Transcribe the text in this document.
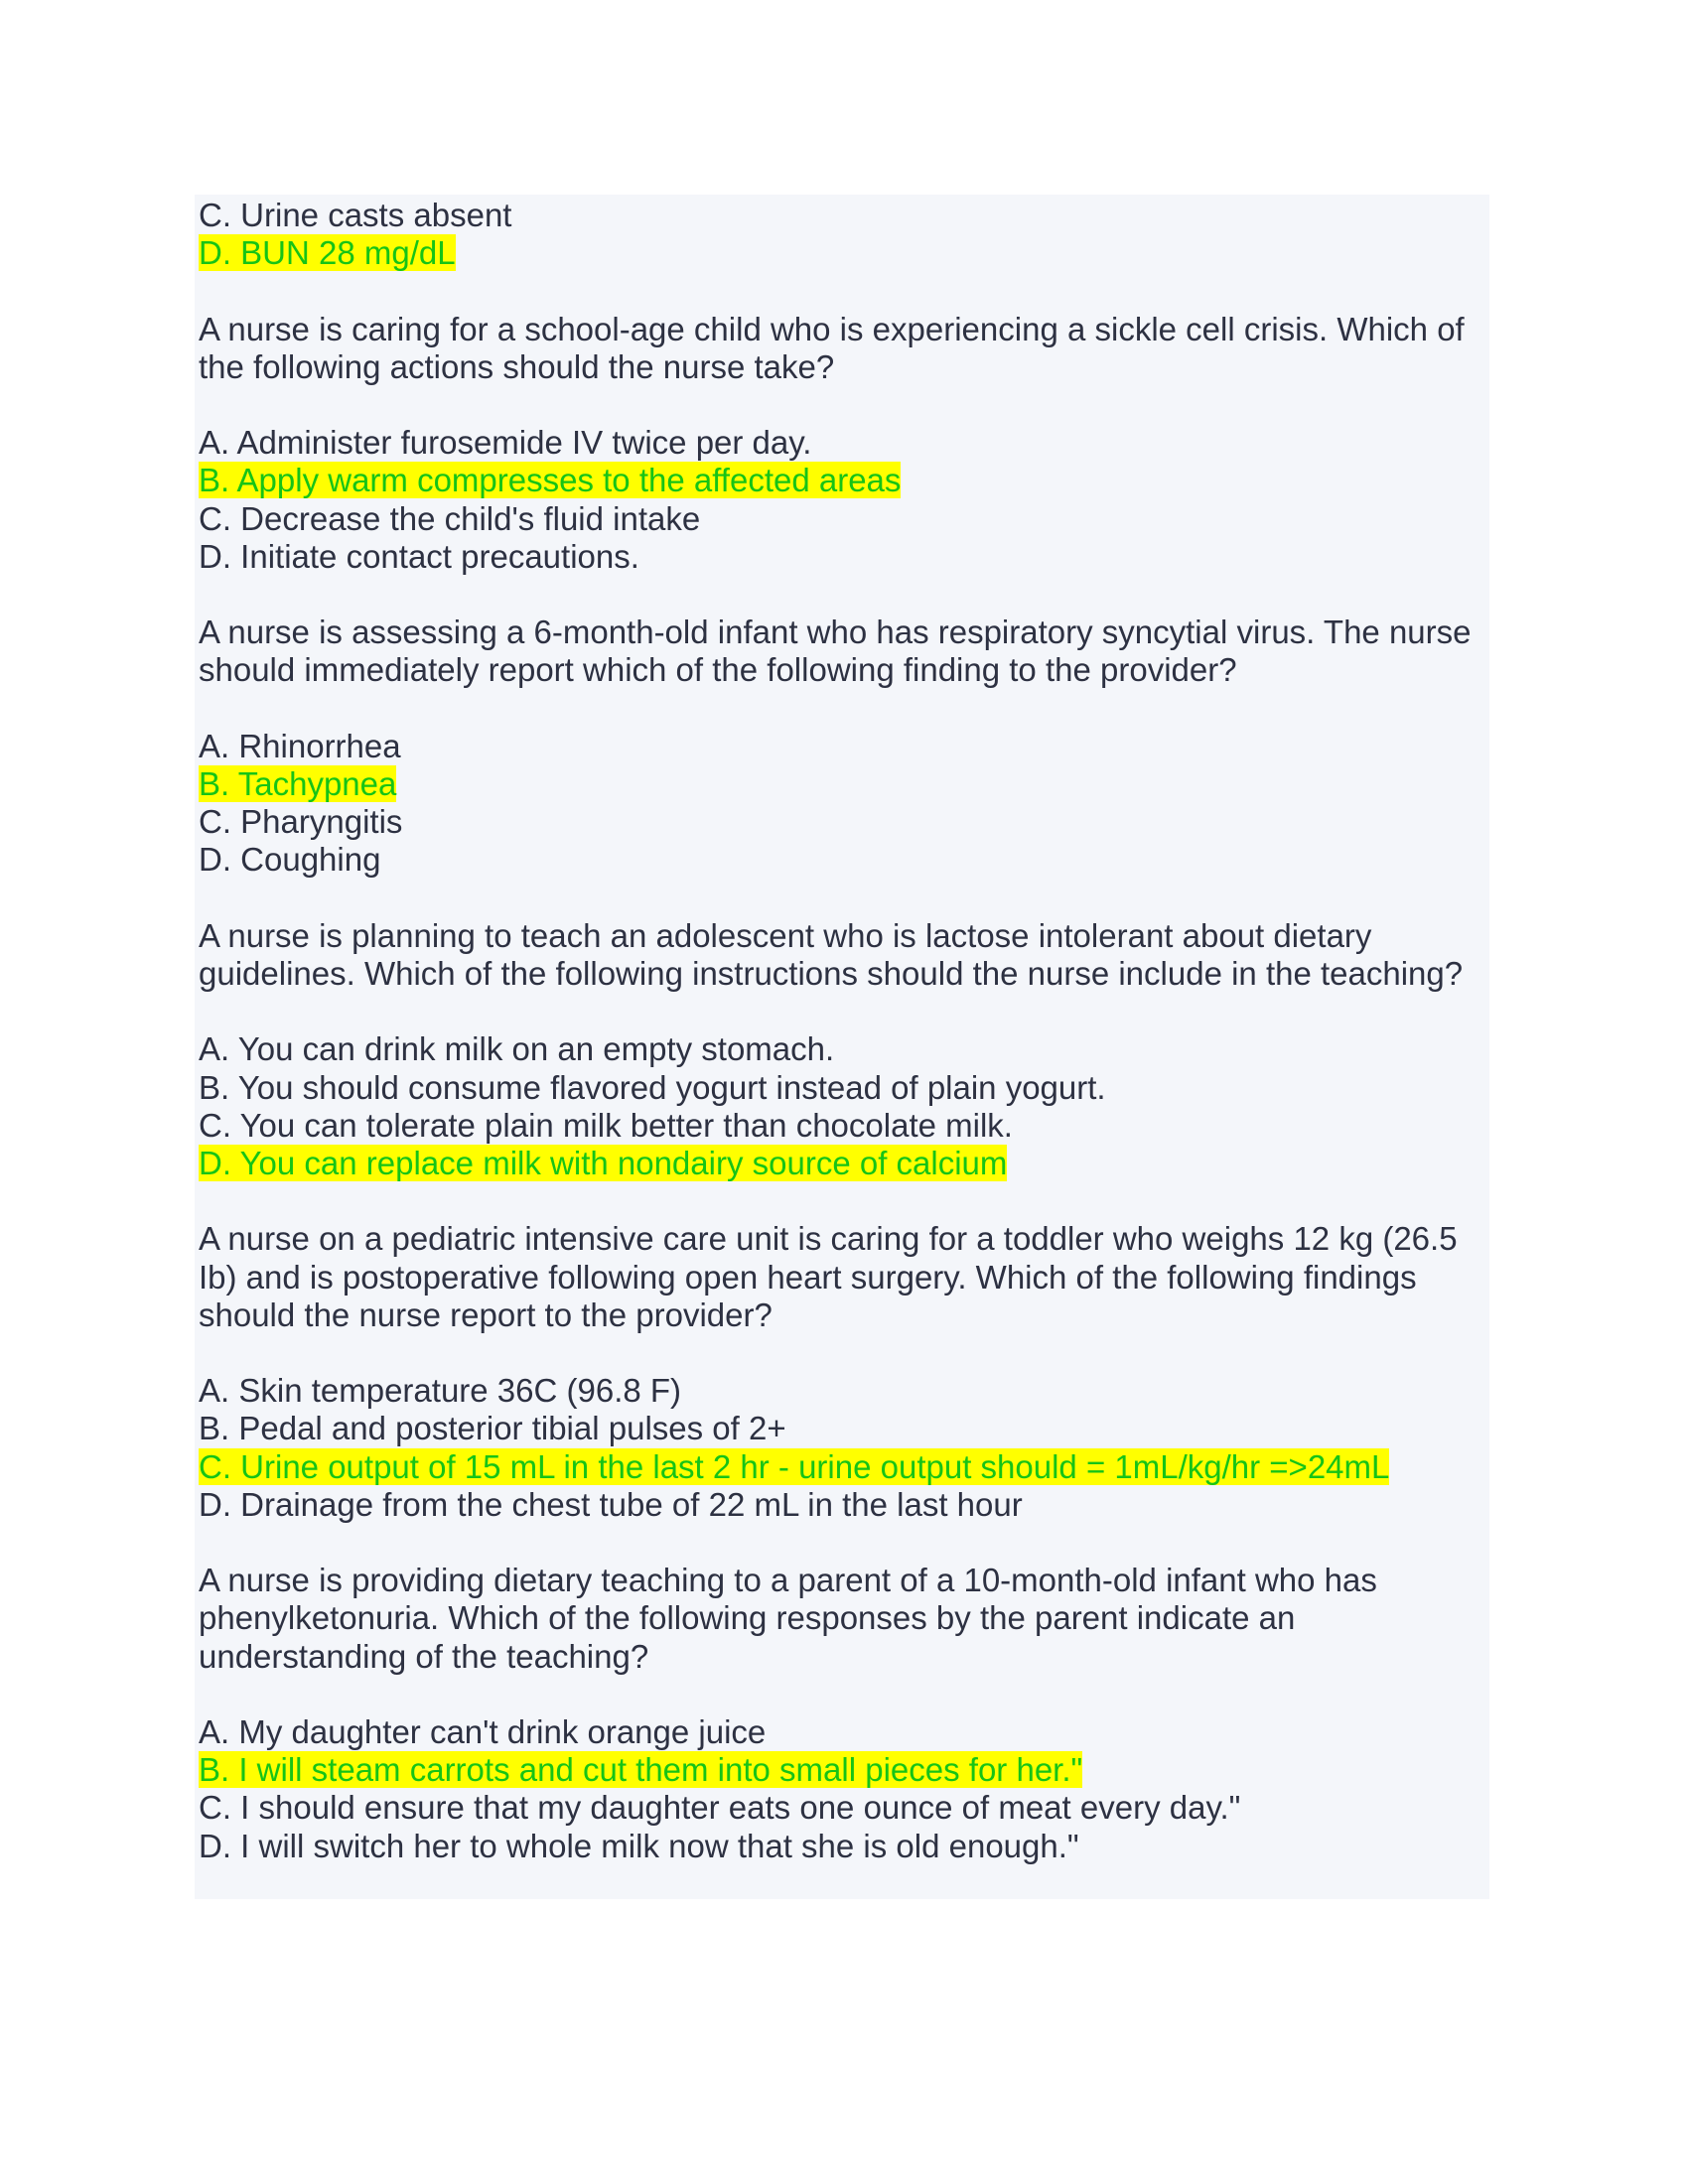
C. Urine casts absent
D. BUN 28 mg/dL
A nurse is caring for a school-age child who is experiencing a sickle cell crisis. Which of
the following actions should the nurse take?
A. Administer furosemide IV twice per day.
B. Apply warm compresses to the affected areas
C. Decrease the child's fluid intake
D. Initiate contact precautions.
A nurse is assessing a 6-month-old infant who has respiratory syncytial virus. The nurse
should immediately report which of the following finding to the provider?
A. Rhinorrhea
B. Tachypnea
C. Pharyngitis
D. Coughing
A nurse is planning to teach an adolescent who is lactose intolerant about dietary
guidelines. Which of the following instructions should the nurse include in the teaching?
A. You can drink milk on an empty stomach.
B. You should consume flavored yogurt instead of plain yogurt.
C. You can tolerate plain milk better than chocolate milk.
D. You can replace milk with nondairy source of calcium
A nurse on a pediatric intensive care unit is caring for a toddler who weighs 12 kg (26.5
Ib) and is postoperative following open heart surgery. Which of the following findings
should the nurse report to the provider?
A. Skin temperature 36C (96.8 F)
B. Pedal and posterior tibial pulses of 2+
C. Urine output of 15 mL in the last 2 hr - urine output should = 1mL/kg/hr =>24mL
D. Drainage from the chest tube of 22 mL in the last hour
A nurse is providing dietary teaching to a parent of a 10-month-old infant who has
phenylketonuria. Which of the following responses by the parent indicate an
understanding of the teaching?
A. My daughter can't drink orange juice
B. I will steam carrots and cut them into small pieces for her."
C. I should ensure that my daughter eats one ounce of meat every day."
D. I will switch her to whole milk now that she is old enough."
